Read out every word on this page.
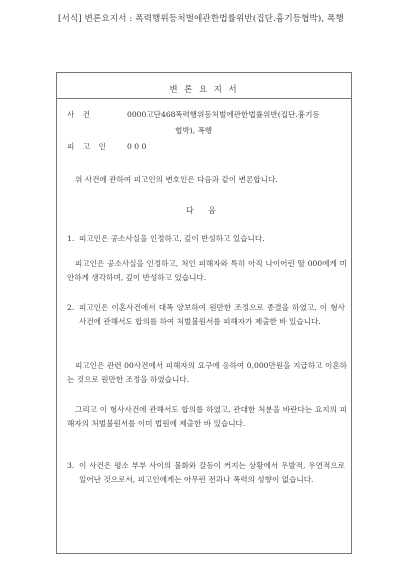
[서식] 변론요지서 : 폭력행위등처벌에관한법률위반(집단.흉기등협박), 폭행
변 론 요 지 서
사 건	0000고단468 폭력행위등처벌에관한법률위반(집단.흉기등
협박), 폭행
피 고 인 0 0 0
위 사건에 관하여 피고인의 변호인은 다음과 같이 변론합니다.
다 음
1. 피고인은 공소사실을 인정하고, 깊이 반성하고 있습니다.
피고인은 공소사실을 인정하고, 처인 피해자와 특히 아직 나이어린 딸 000에게 미안하게 생각하며, 깊이 반성하고 있습니다.
2. 피고인은 이혼사건에서 대폭 양보하여 원만한 조정으로 종결을 하였고, 이 형사사건에 관해서도 합의를 하여 처벌불원서를 피해자가 제출한 바 있습니다.
피고인은 관련 00사건에서 피해자의 요구에 응하여 0,000만원을 지급하고 이혼하는 것으로 원만한 조정을 하였습니다.
그리고 이 형사사건에 관해서도 합의를 하였고, 관대한 처분을 바란다는 요지의 피해자의 처벌불원서를 이미 법원에 제출한 바 있습니다.
3. 이 사건은 평소 부부 사이의 불화와 갈등이 커지는 상황에서 우발적, 우연적으로 일어난 것으로서, 피고인에게는 아무런 전과나 폭력의 성향이 없습니다.
